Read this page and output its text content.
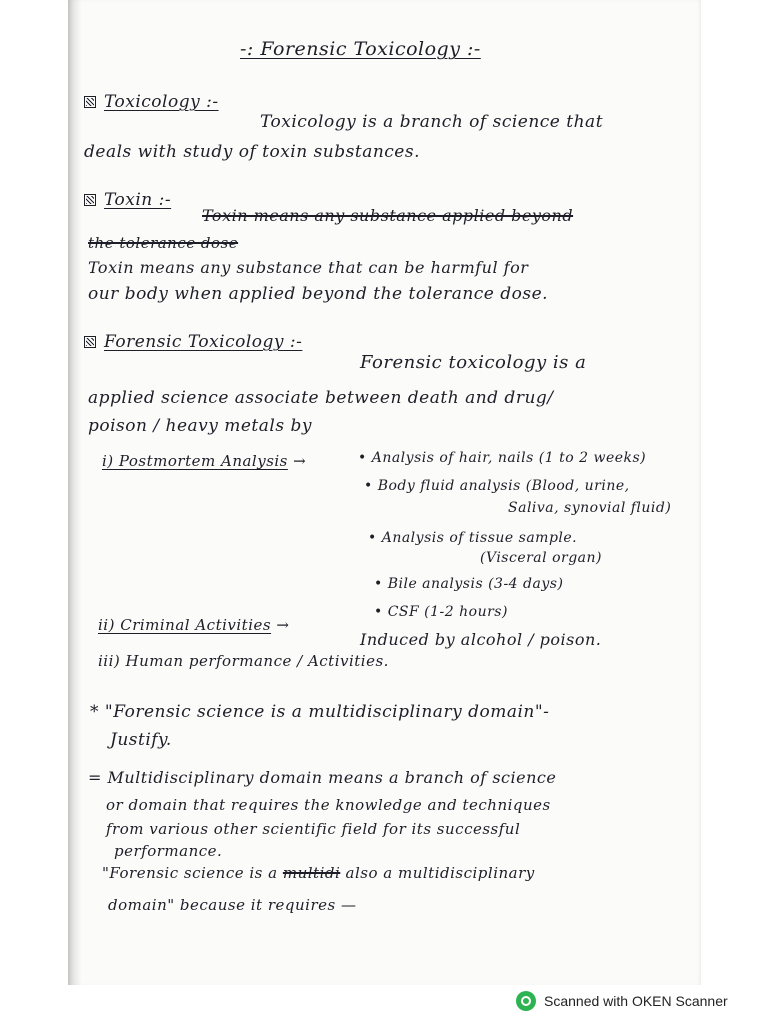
-: Forensic Toxicology :-
Toxicology :-
Toxicology is a branch of science that
deals with study of toxin substances.
Toxin :-
Toxin means any substance applied beyond
the tolerance dose
Toxin means any substance that can be harmful for
our body when applied beyond the tolerance dose.
Forensic Toxicology :-
Forensic toxicology is a
applied science associate between death and drug/
poison / heavy metals by
i) Postmortem Analysis →	• Analysis of hair, nails (1 to 2 weeks)
• Body fluid analysis (Blood, urine,
Saliva, synovial fluid)
• Analysis of tissue sample.
(Visceral organ)
• Bile analysis (3-4 days)
• CSF (1-2 hours)
ii) Criminal Activities →
Induced by alcohol / poison.
iii) Human performance / Activities.
* "Forensic science is a multidisciplinary domain"-
Justify.
= Multidisciplinary domain means a branch of science
or domain that requires the knowledge and techniques
from various other scientific field for its successful
performance.
"Forensic science is a multidi also a multidisciplinary
domain" because it requires —
Scanned with OKEN Scanner
